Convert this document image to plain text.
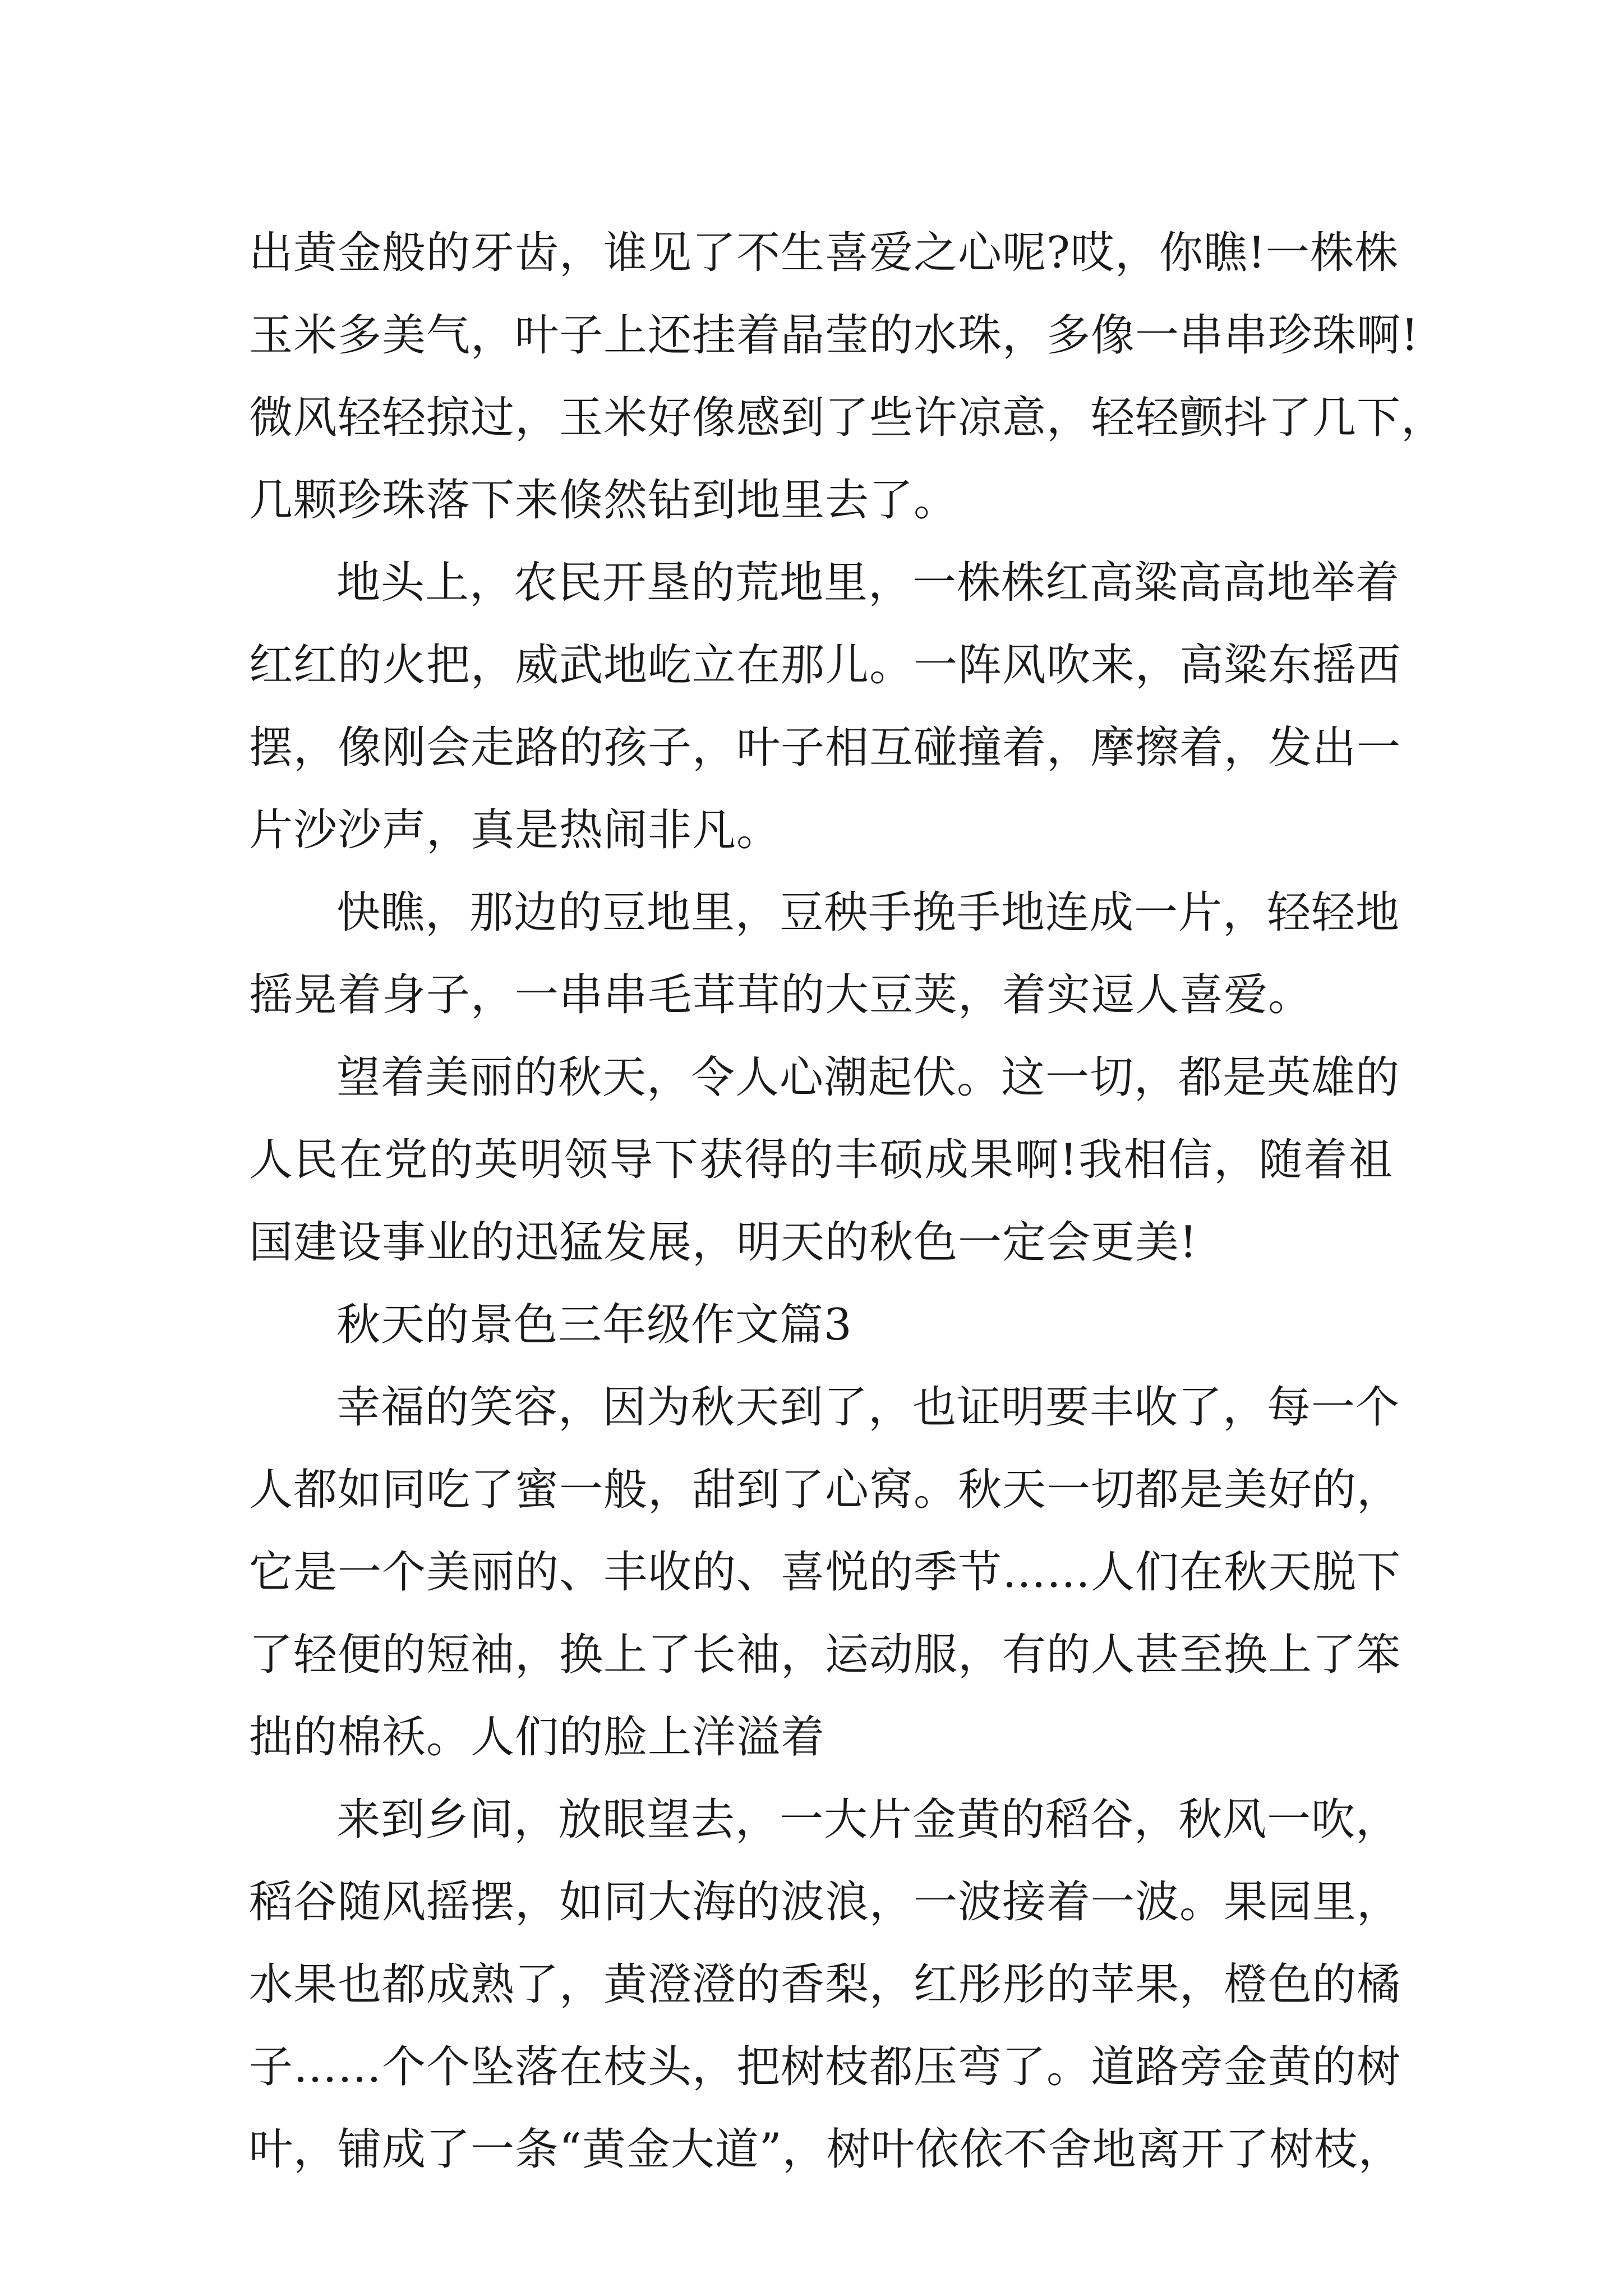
出黄金般的牙齿，谁见了不生喜爱之心呢?哎，你瞧!一株株
玉米多美气，叶子上还挂着晶莹的水珠，多像一串串珍珠啊!
微风轻轻掠过，玉米好像感到了些许凉意，轻轻颤抖了几下，
几颗珍珠落下来倏然钻到地里去了。
地头上，农民开垦的荒地里，一株株红高粱高高地举着
红红的火把，威武地屹立在那儿。一阵风吹来，高粱东摇西
摆，像刚会走路的孩子，叶子相互碰撞着，摩擦着，发出一
片沙沙声，真是热闹非凡。
快瞧，那边的豆地里，豆秧手挽手地连成一片，轻轻地
摇晃着身子，一串串毛茸茸的大豆荚，着实逗人喜爱。
望着美丽的秋天，令人心潮起伏。这一切，都是英雄的
人民在党的英明领导下获得的丰硕成果啊!我相信，随着祖
国建设事业的迅猛发展，明天的秋色一定会更美!
秋天的景色三年级作文篇3
幸福的笑容，因为秋天到了，也证明要丰收了，每一个
人都如同吃了蜜一般，甜到了心窝。秋天一切都是美好的，
它是一个美丽的、丰收的、喜悦的季节……人们在秋天脱下
了轻便的短袖，换上了长袖，运动服，有的人甚至换上了笨
拙的棉袄。人们的脸上洋溢着
来到乡间，放眼望去，一大片金黄的稻谷，秋风一吹，
稻谷随风摇摆，如同大海的波浪，一波接着一波。果园里，
水果也都成熟了，黄澄澄的香梨，红彤彤的苹果，橙色的橘
子……个个坠落在枝头，把树枝都压弯了。道路旁金黄的树
叶，铺成了一条“黄金大道”，树叶依依不舍地离开了树枝，
